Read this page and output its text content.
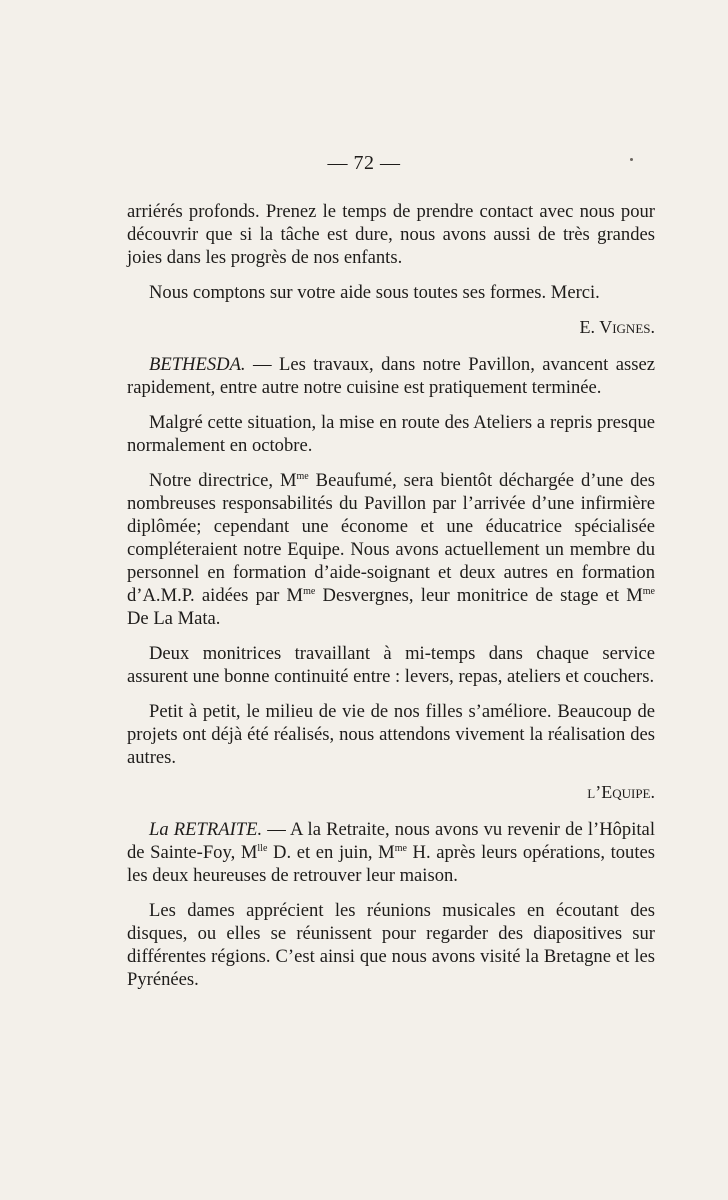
— 72 —

arriérés profonds. Prenez le temps de prendre contact avec nous pour découvrir que si la tâche est dure, nous avons aussi de très grandes joies dans les progrès de nos enfants.

Nous comptons sur votre aide sous toutes ses formes. Merci.

E. Vignes.

BETHESDA. — Les travaux, dans notre Pavillon, avancent assez rapidement, entre autre notre cuisine est pratiquement terminée.

Malgré cette situation, la mise en route des Ateliers a repris presque normalement en octobre.

Notre directrice, $M^{me}$ Beaufumé, sera bientôt déchargée d’une des nombreuses responsabilités du Pavillon par l’arrivée d’une infirmière diplômée; cependant une économe et une éducatrice spécialisée compléteraient notre Equipe. Nous avons actuellement un membre du personnel en formation d’aide-soignant et deux autres en formation d’A.M.P. aidées par $M^{me}$ Desvergnes, leur monitrice de stage et $M^{me}$ De La Mata.

Deux monitrices travaillant à mi-temps dans chaque service assurent une bonne continuité entre : levers, repas, ateliers et couchers.

Petit à petit, le milieu de vie de nos filles s’améliore. Beaucoup de projets ont déjà été réalisés, nous attendons vivement la réalisation des autres.

l’Equipe.

La RETRAITE. — A la Retraite, nous avons vu revenir de l’Hôpital de Sainte-Foy, $M^{lle}$ D. et en juin, $M^{me}$ H. après leurs opérations, toutes les deux heureuses de retrouver leur maison.

Les dames apprécient les réunions musicales en écoutant des disques, ou elles se réunissent pour regarder des diapositives sur différentes régions. C’est ainsi que nous avons visité la Bretagne et les Pyrénées.
